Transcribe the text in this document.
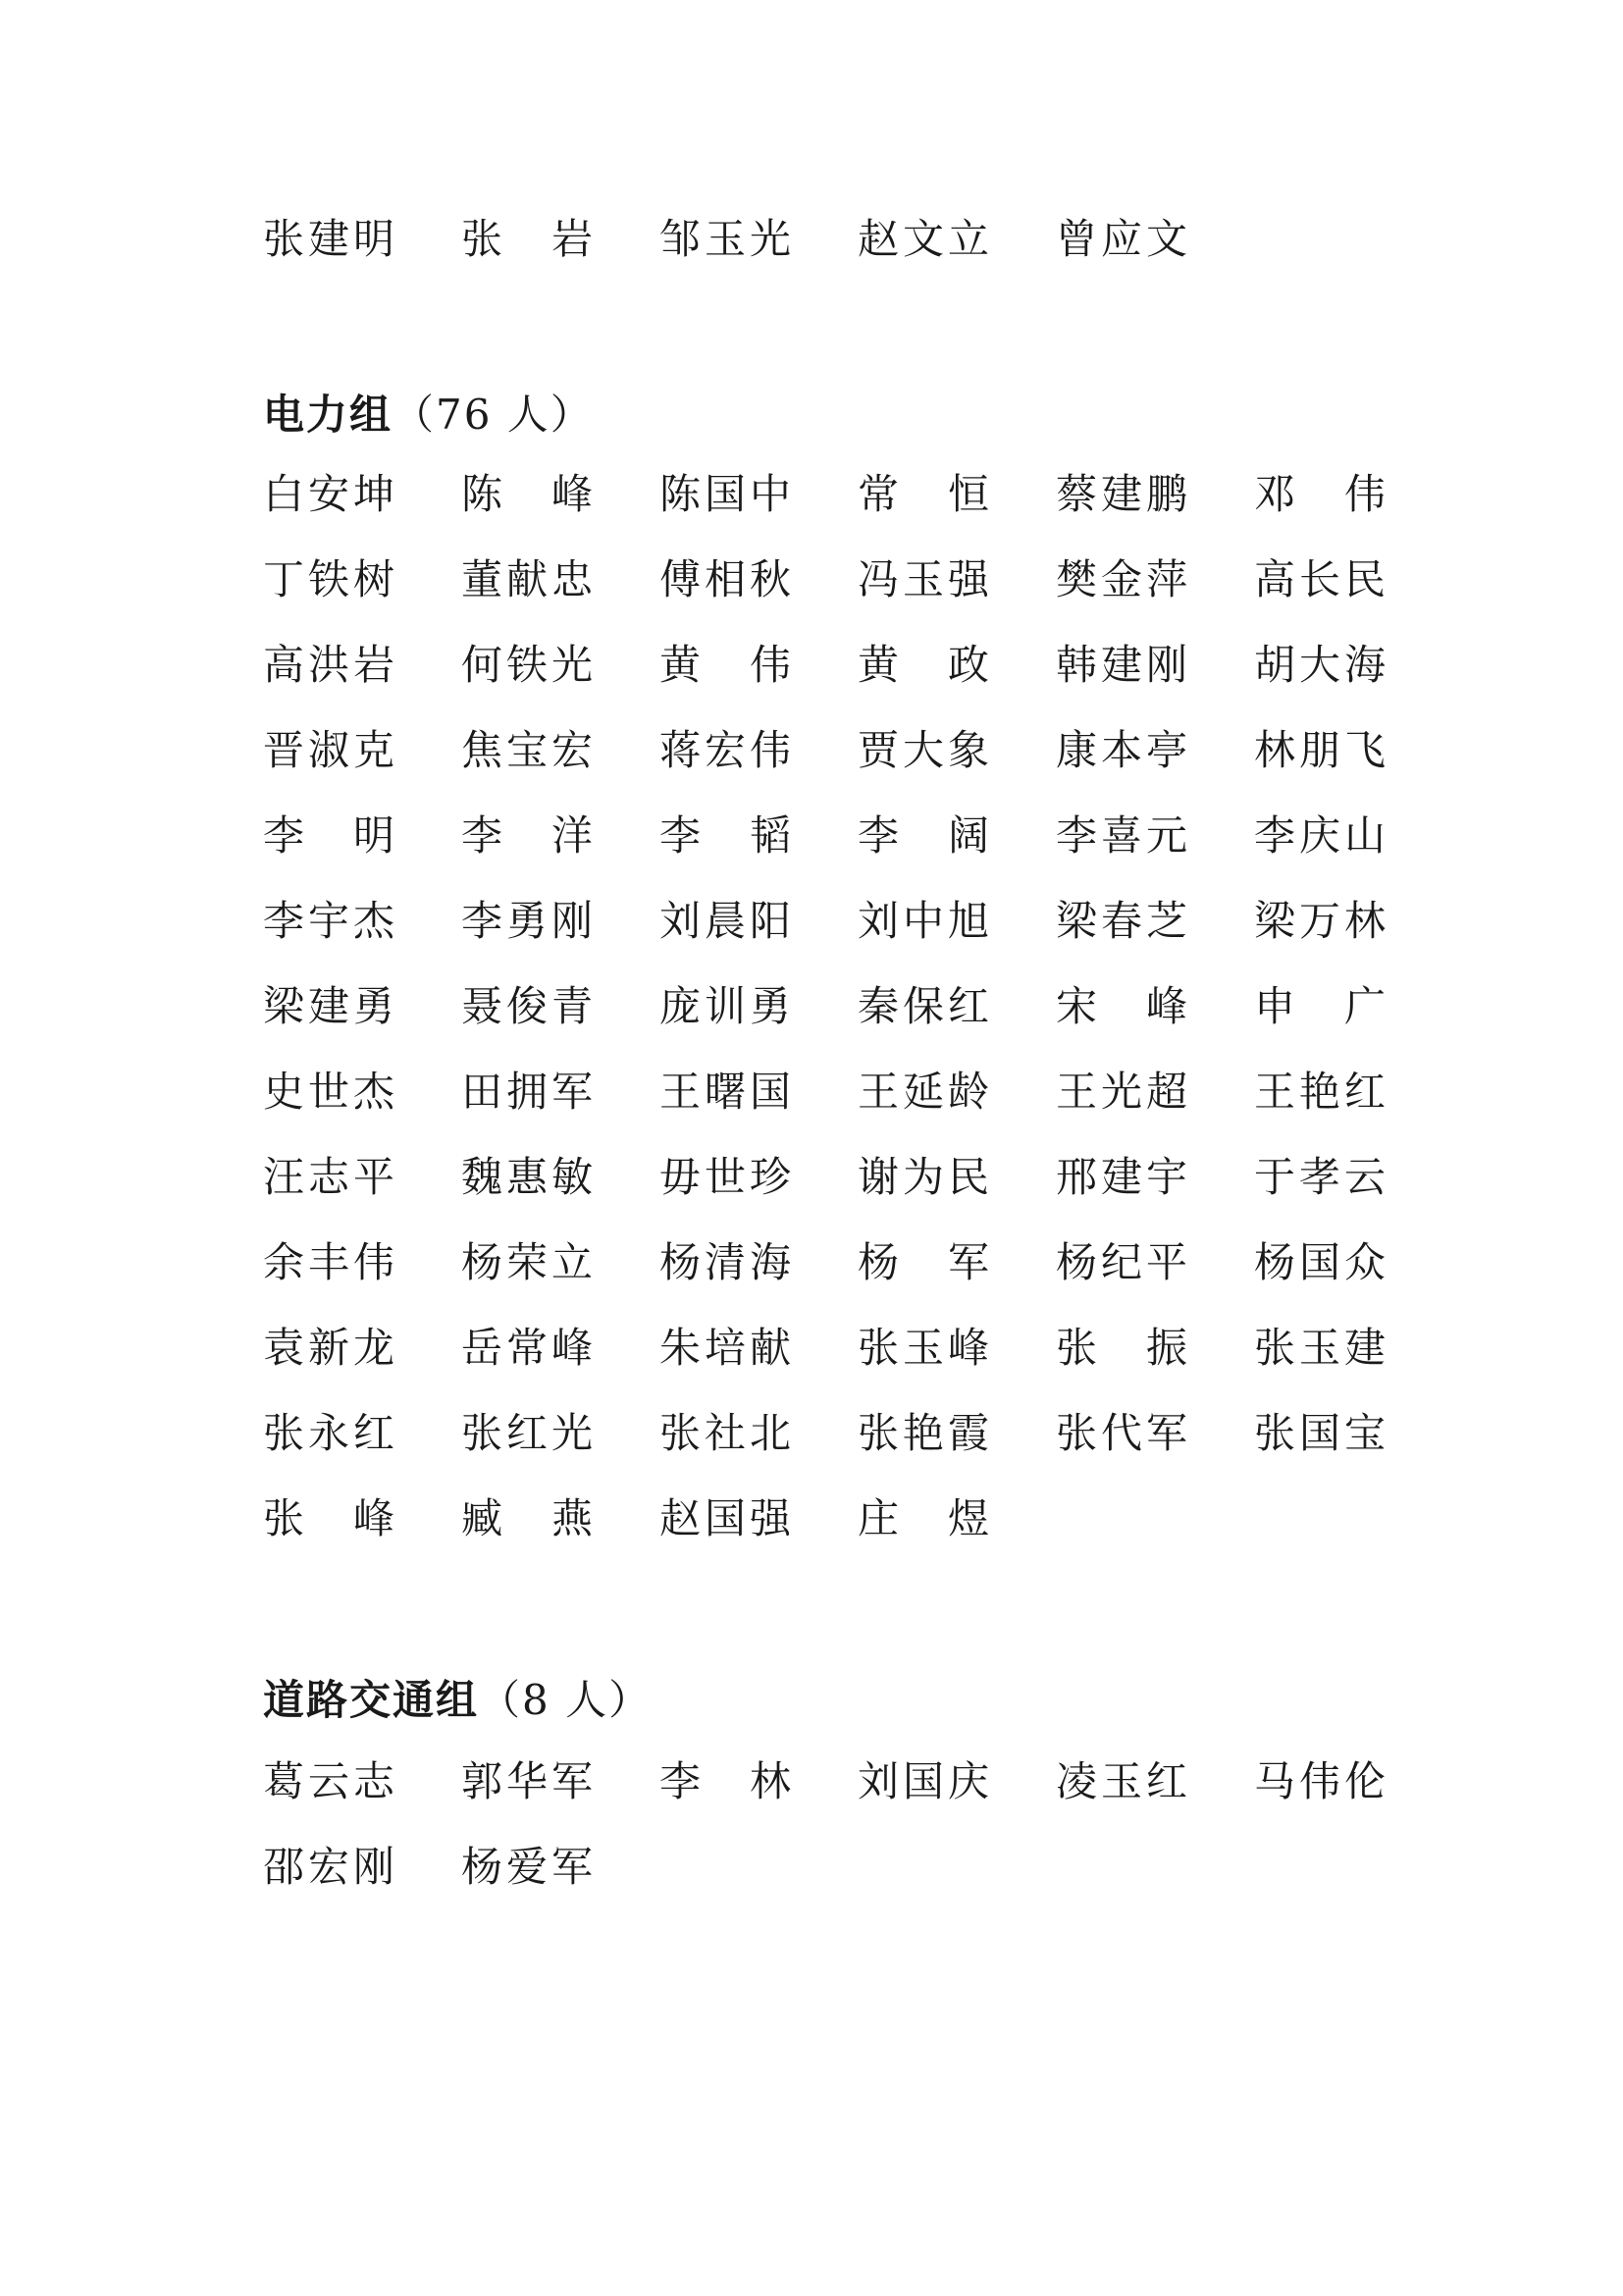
张建明	张　岩	邹玉光	赵文立	曾应文
电力组（76 人）
白安坤	陈　峰	陈国中	常　恒	蔡建鹏	邓　伟
丁铁树	董献忠	傅相秋	冯玉强	樊金萍	高长民
高洪岩	何铁光	黄　伟	黄　政	韩建刚	胡大海
晋淑克	焦宝宏	蒋宏伟	贾大象	康本亭	林朋飞
李　明	李　洋	李　韬	李　阔	李喜元	李庆山
李宇杰	李勇刚	刘晨阳	刘中旭	梁春芝	梁万林
梁建勇	聂俊青	庞训勇	秦保红	宋　峰	申　广
史世杰	田拥军	王曙国	王延龄	王光超	王艳红
汪志平	魏惠敏	毋世珍	谢为民	邢建宇	于孝云
余丰伟	杨荣立	杨清海	杨　军	杨纪平	杨国众
袁新龙	岳常峰	朱培献	张玉峰	张　振	张玉建
张永红	张红光	张社北	张艳霞	张代军	张国宝
张　峰	臧　燕	赵国强	庄　煜
道路交通组（8 人）
葛云志	郭华军	李　林	刘国庆	凌玉红	马伟伦
邵宏刚	杨爱军
